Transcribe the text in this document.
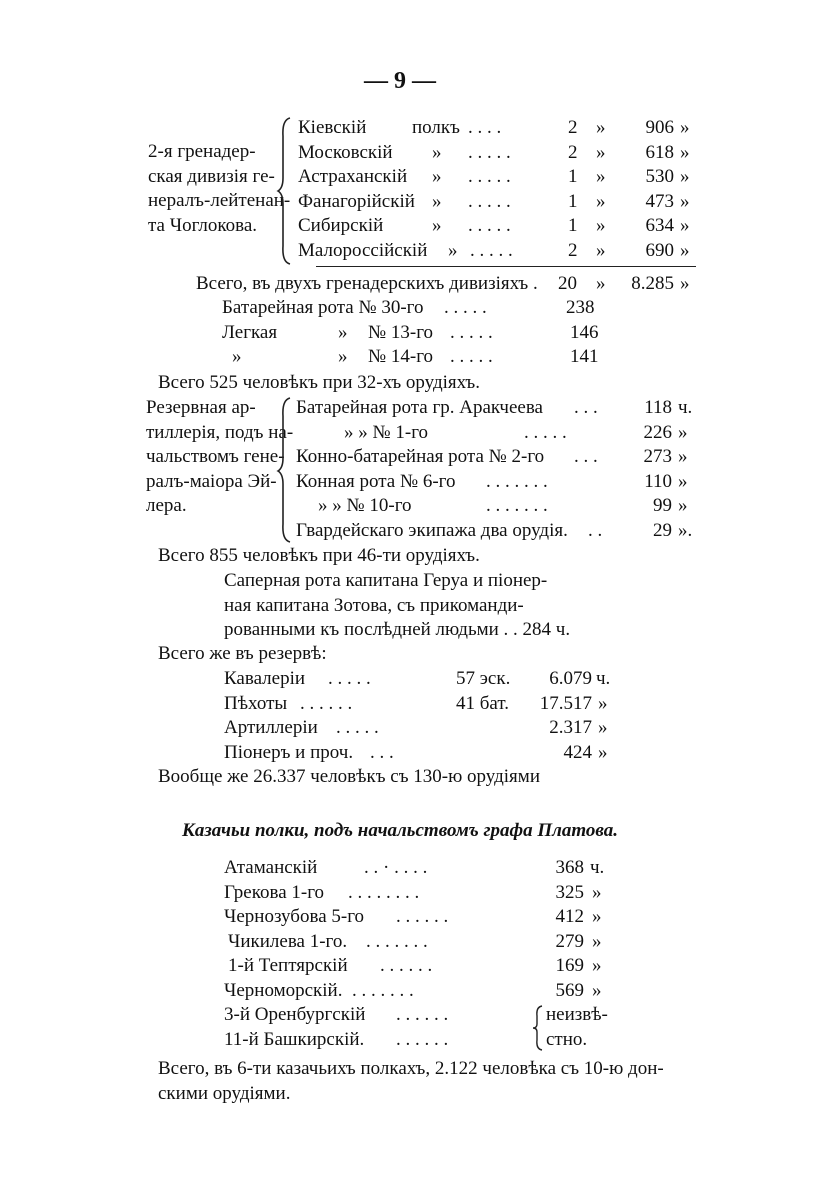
— 9 —
2-я гренадер-
ская дивизія ге-
нералъ-лейтенан-
та Чоглокова.
Кіевскій полкъ . . . .	2 »	906 »
Московскій » . . . . .	2 »	618 »
Астраханскій » . . . . .	1 »	530 »
Фанагорійскій » . . . . .	1 »	473 »
Сибирскій	» . . . . .	1 »	634 »
Малороссійскій » . . . . .	2 »	690 »
Всего, въ двухъ гренадерскихъ дивизіяхъ . 20 » 8.285 »
Батарейная рота № 30-го . . . . .	238
Легкая	» № 13-го . . . . .	146
»	» № 14-го . . . . .	141
Всего 525 человѣкъ при 32-хъ орудіяхъ.
Резервная ар-
тиллерія, подъ на-
чальствомъ гене-
ралъ-маіора Эй-
лера.
Батарейная рота гр. Аракчеева . . .	118 ч.
» » № 1-го	. . . . .	226 »
Конно-батарейная рота № 2-го . . .	273 »
Конная рота № 6-го . . . . . . .	110 »
» » № 10-го	. . . . . . .	99 »
Гвардейскаго экипажа два орудія. . .	29 ».
Всего 855 человѣкъ при 46-ти орудіяхъ.
Саперная рота капитана Геруа и піонер-
ная капитана Зотова, съ прикоманди-
рованными къ послѣдней людьми . . 284 ч.
Всего же въ резервѣ:
Кавалеріи . . . . .	57 эск.	6.079 ч.
Пѣхоты . . . . . .	41 бат.	17.517 »
Артиллеріи . . . . .	2.317 »
Піонеръ и проч. . . .	424 »
Вообще же 26.337 человѣкъ съ 130-ю орудіями
Казачьи полки, подъ начальствомъ графа Платова.
Атаманскій . . · . . . .	368 ч.
Грекова 1-го . . . . . . . .	325 »
Чернозубова 5-го . . . . . .	412 »
Чикилева 1-го. . . . . . . .	279 »
1-й Тептярскій . . . . . .	169 »
Черноморскій. . . . . . . .	569 »
3-й Оренбургскій . . . . . .
11-й Башкирскій. . . . . . .
неизвѣ-
стно.
Всего, въ 6-ти казачьихъ полкахъ, 2.122 человѣка съ 10-ю дон-
скими орудіями.
